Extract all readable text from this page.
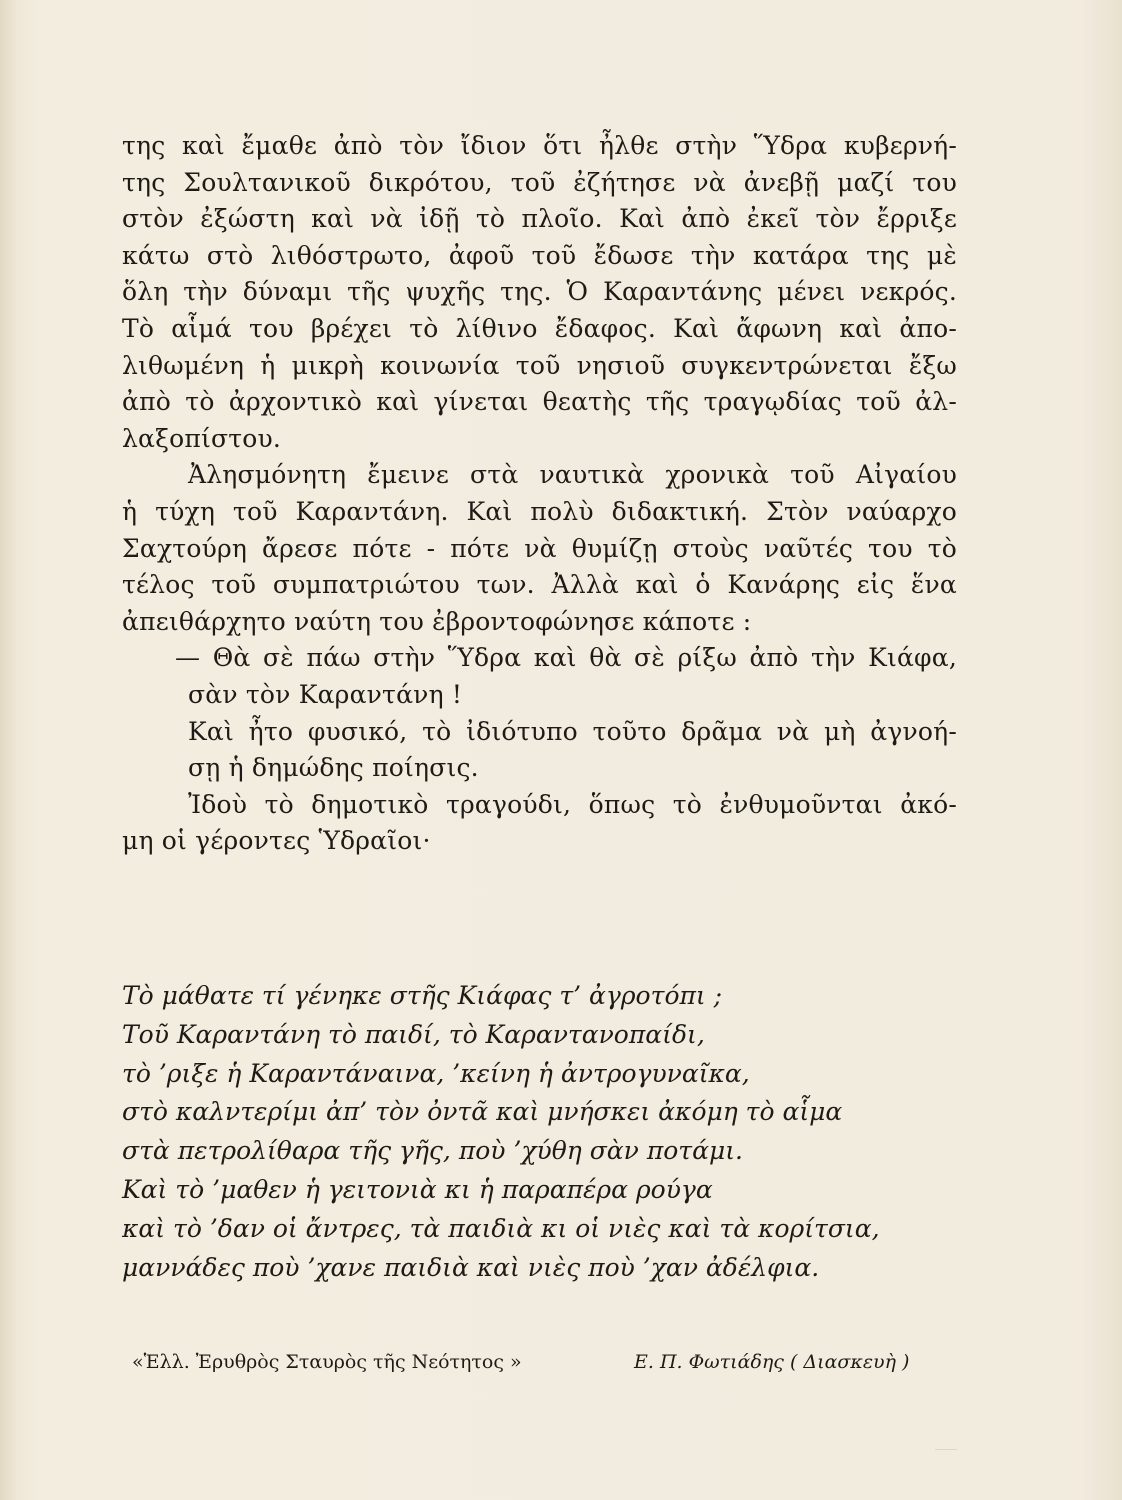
της καὶ ἔμαθε ἀπὸ τὸν ἴδιον ὅτι ἦλθε στὴν Ὕδρα κυβερνή-
της Σουλτανικοῦ δικρότου, τοῦ ἐζήτησε νὰ ἀνεβῇ μαζί του
στὸν ἐξώστη καὶ νὰ ἰδῇ τὸ πλοῖο. Καὶ ἀπὸ ἐκεῖ τὸν ἔρριξε
κάτω στὸ λιθόστρωτο, ἀφοῦ τοῦ ἔδωσε τὴν κατάρα της μὲ
ὅλη τὴν δύναμι τῆς ψυχῆς της. Ὁ Καραντάνης μένει νεκρός.
Τὸ αἷμά του βρέχει τὸ λίθινο ἔδαφος. Καὶ ἄφωνη καὶ ἀπο-
λιθωμένη ἡ μικρὴ κοινωνία τοῦ νησιοῦ συγκεντρώνεται ἔξω
ἀπὸ τὸ ἀρχοντικὸ καὶ γίνεται θεατὴς τῆς τραγῳδίας τοῦ ἀλ-
λαξοπίστου.
Ἀλησμόνητη ἔμεινε στὰ ναυτικὰ χρονικὰ τοῦ Αἰγαίου
ἡ τύχη τοῦ Καραντάνη. Καὶ πολὺ διδακτική. Στὸν ναύαρχο
Σαχτούρη ἄρεσε πότε - πότε νὰ θυμίζῃ στοὺς ναῦτές του τὸ
τέλος τοῦ συμπατριώτου των. Ἀλλὰ καὶ ὁ Κανάρης εἰς ἕνα
ἀπειθάρχητο ναύτη του ἐβροντοφώνησε κάποτε :
— Θὰ σὲ πάω στὴν Ὕδρα καὶ θὰ σὲ ρίξω ἀπὸ τὴν Κιάφα,
σὰν τὸν Καραντάνη !
Καὶ ἦτο φυσικό, τὸ ἰδιότυπο τοῦτο δρᾶμα νὰ μὴ ἀγνοή-
σῃ ἡ δημώδης ποίησις.
Ἰδοὺ τὸ δημοτικὸ τραγούδι, ὅπως τὸ ἐνθυμοῦνται ἀκό-
μη οἱ γέροντες Ὑδραῖοι·
Τὸ μάθατε τί γένηκε στῆς Κιάφας τ’ ἀγροτόπι ;
Τοῦ Καραντάνη τὸ παιδί, τὸ Καραντανοπαίδι,
τὸ ’ριξε ἡ Καραντάναινα, ’κείνη ἡ ἀντρογυναῖκα,
στὸ καλντερίμι ἀπ’ τὸν ὀντᾶ καὶ μνήσκει ἀκόμη τὸ αἷμα
στὰ πετρολίθαρα τῆς γῆς, ποὺ ’χύθη σὰν ποτάμι.
Καὶ τὸ ’μαθεν ἡ γειτονιὰ κι ἡ παραπέρα ρούγα
καὶ τὸ ’δαν οἱ ἄντρες, τὰ παιδιὰ κι οἱ νιὲς καὶ τὰ κορίτσια,
μαννάδες ποὺ ’χανε παιδιὰ καὶ νιὲς ποὺ ’χαν ἀδέλφια.
«Ἑλλ. Ἐρυθρὸς Σταυρὸς τῆς Νεότητος »	Ε. Π. Φωτιάδης ( Διασκευὴ )
